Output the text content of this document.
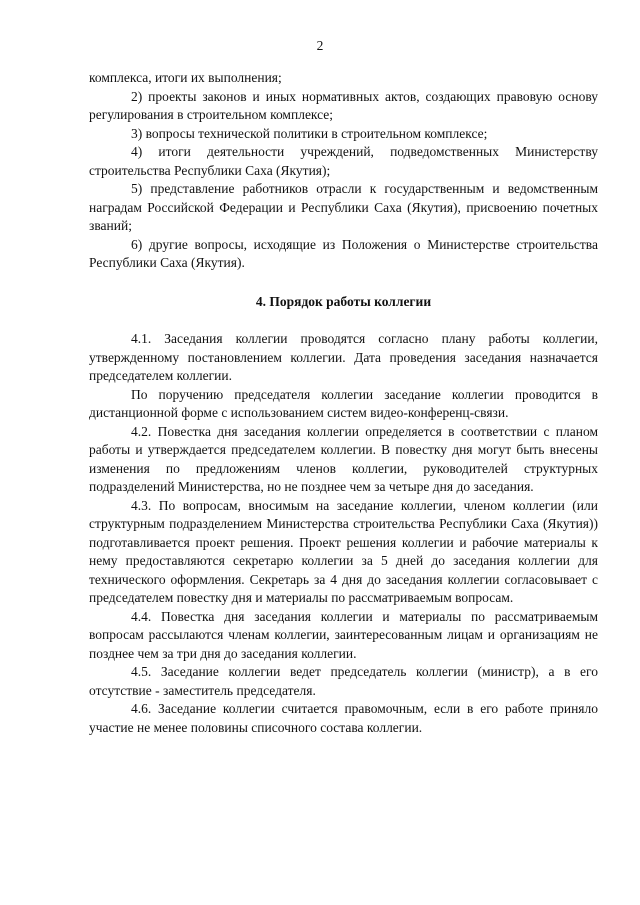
2

комплекса, итоги их выполнения;

2) проекты законов и иных нормативных актов, создающих правовую основу регулирования в строительном комплексе;

3) вопросы технической политики в строительном комплексе;

4) итоги деятельности учреждений, подведомственных Министерству строительства Республики Саха (Якутия);

5) представление работников отрасли к государственным и ведомственным наградам Российской Федерации и Республики Саха (Якутия), присвоению почетных званий;

6) другие вопросы, исходящие из Положения о Министерстве строительства Республики Саха (Якутия).

4. Порядок работы коллегии

4.1. Заседания коллегии проводятся согласно плану работы коллегии, утвержденному постановлением коллегии. Дата проведения заседания назначается председателем коллегии.

По поручению председателя коллегии заседание коллегии проводится в дистанционной форме с использованием систем видео-конференц-связи.

4.2. Повестка дня заседания коллегии определяется в соответствии с планом работы и утверждается председателем коллегии. В повестку дня могут быть внесены изменения по предложениям членов коллегии, руководителей структурных подразделений Министерства, но не позднее чем за четыре дня до заседания.

4.3. По вопросам, вносимым на заседание коллегии, членом коллегии (или структурным подразделением Министерства строительства Республики Саха (Якутия)) подготавливается проект решения. Проект решения коллегии и рабочие материалы к нему предоставляются секретарю коллегии за 5 дней до заседания коллегии для технического оформления. Секретарь за 4 дня до заседания коллегии согласовывает с председателем повестку дня и материалы по рассматриваемым вопросам.

4.4. Повестка дня заседания коллегии и материалы по рассматриваемым вопросам рассылаются членам коллегии, заинтересованным лицам и организациям не позднее чем за три дня до заседания коллегии.

4.5. Заседание коллегии ведет председатель коллегии (министр), а в его отсутствие - заместитель председателя.

4.6. Заседание коллегии считается правомочным, если в его работе приняло участие не менее половины списочного состава коллегии.
